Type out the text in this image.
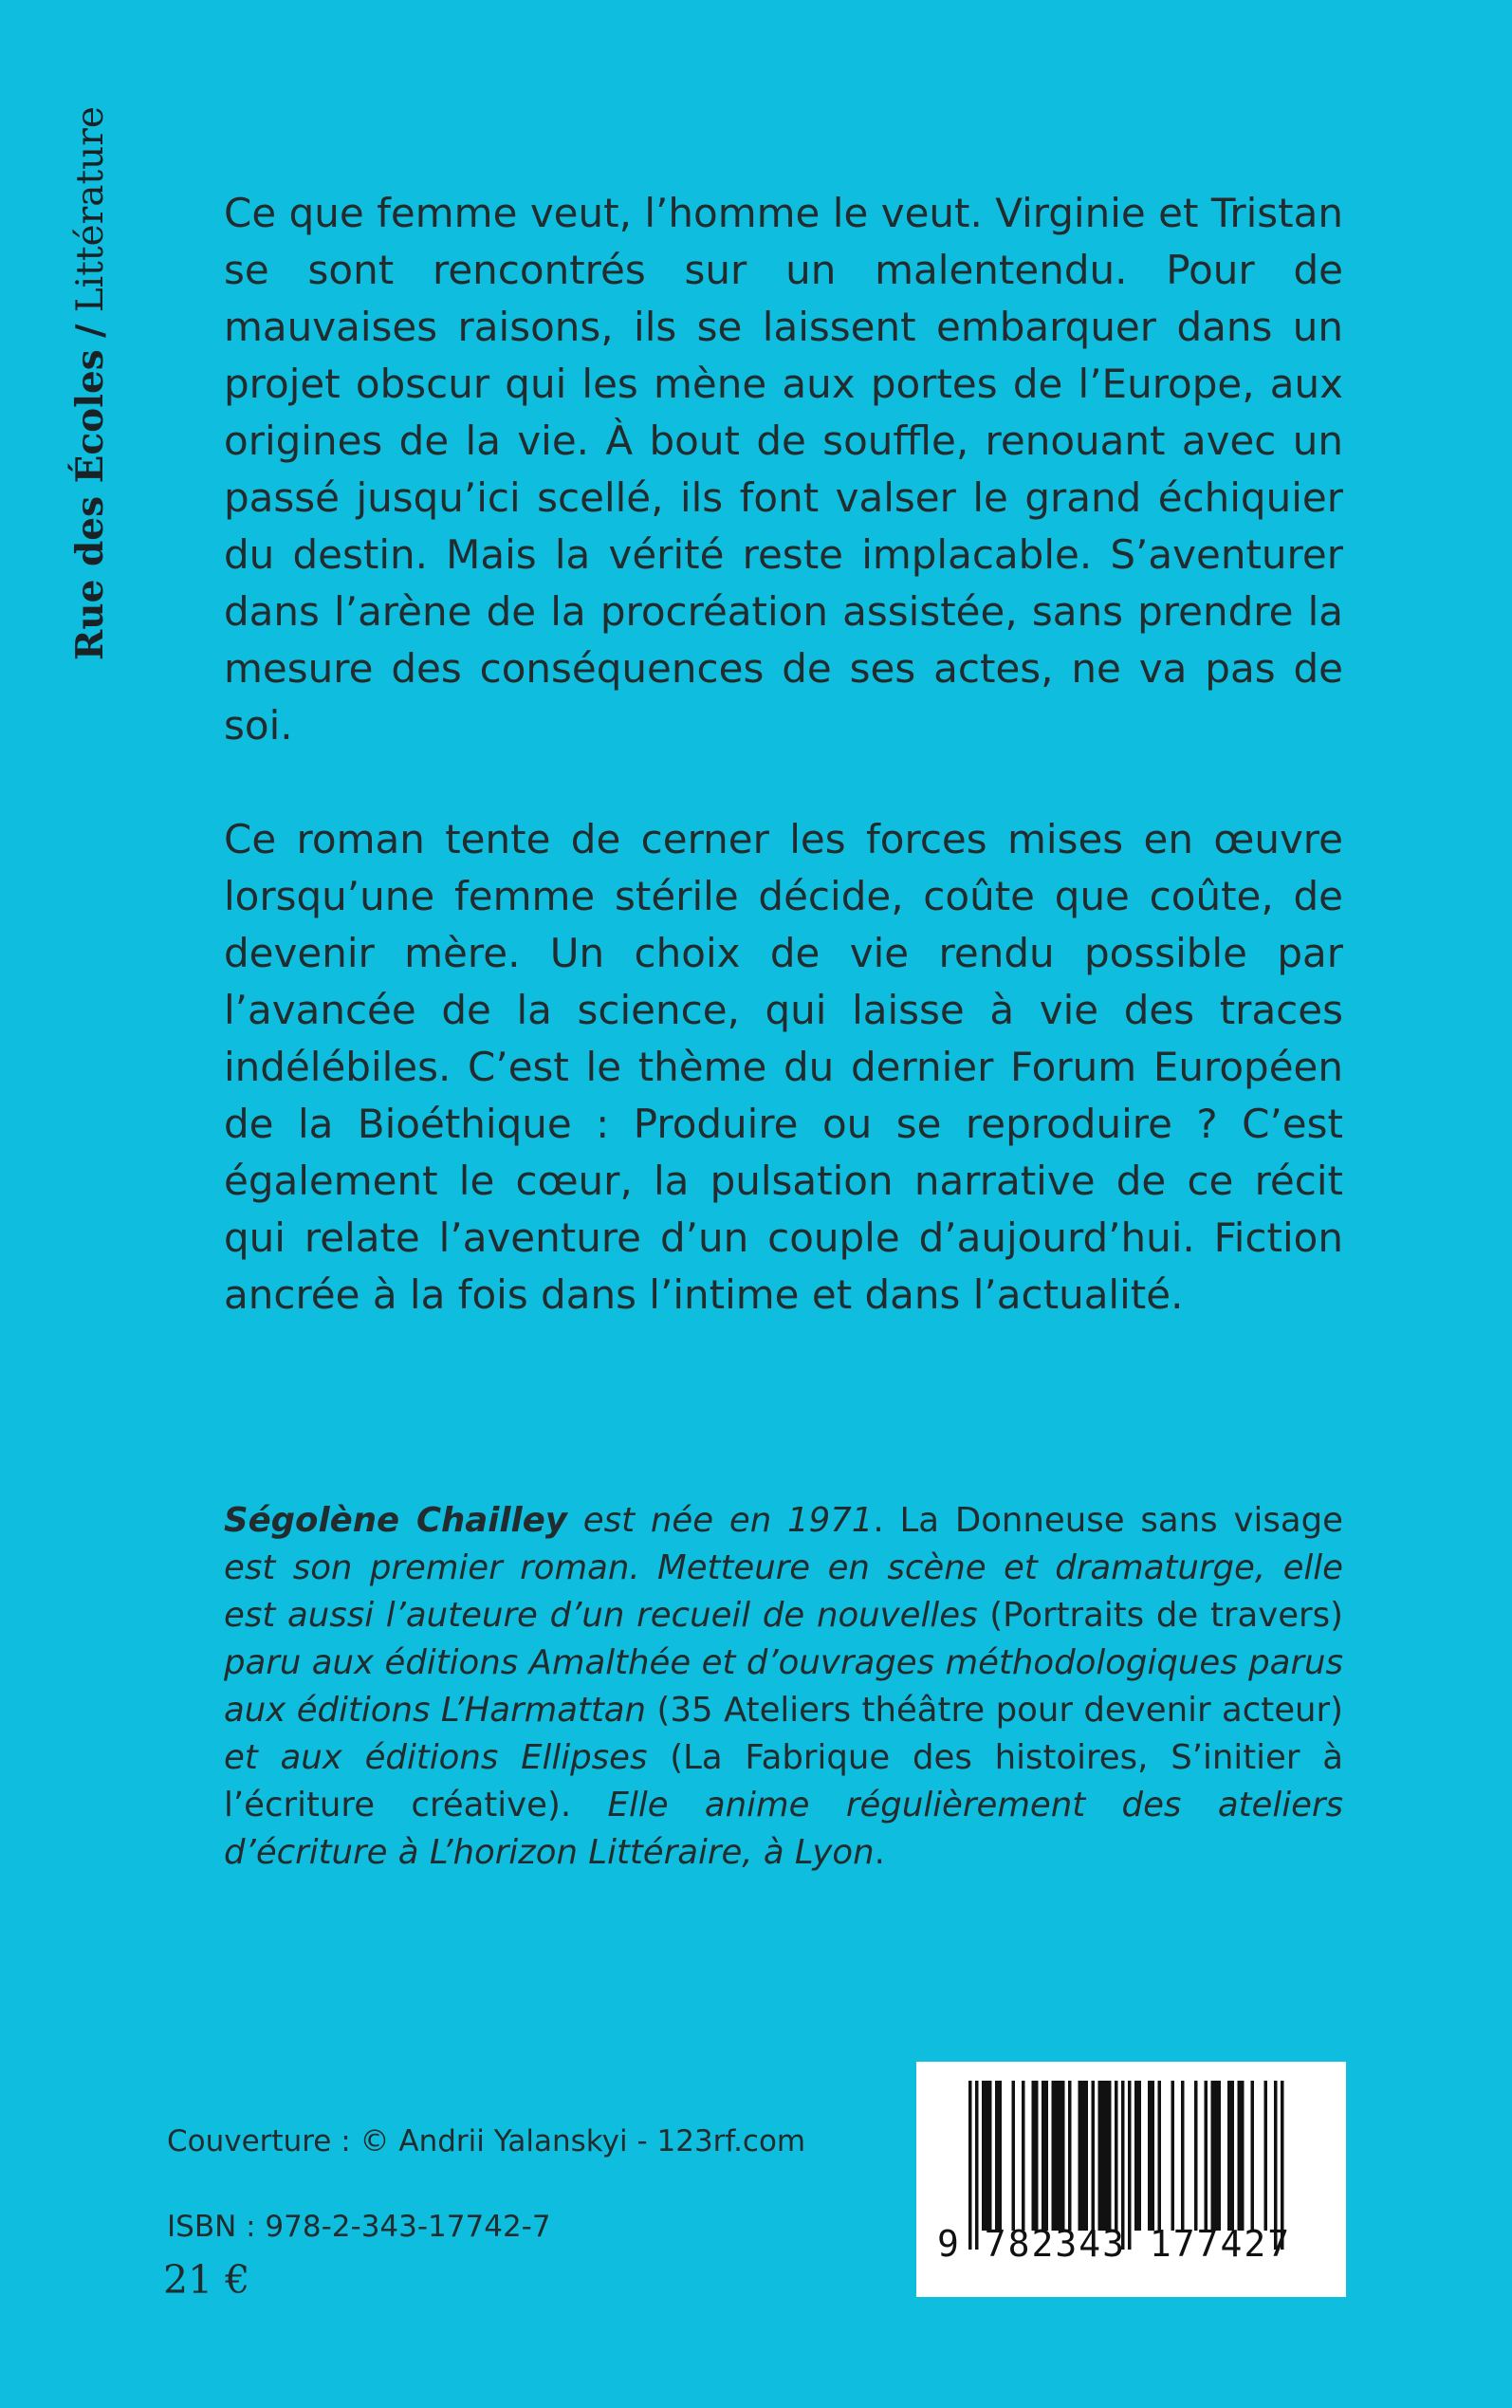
Rue des Écoles / Littérature	Ce que femme veut, l’homme le veut. Virginie et Tristan se sont rencontrés sur un malentendu. Pour de mauvaises raisons, ils se laissent embarquer dans un projet obscur qui les mène aux portes de l’Europe, aux origines de la vie. À bout de souffle, renouant avec un passé jusqu’ici scellé, ils font valser le grand échiquier du destin. Mais la vérité reste implacable. S’aventurer dans l’arène de la procréation assistée, sans prendre la mesure des conséquences de ses actes, ne va pas de soi.

Ce roman tente de cerner les forces mises en œuvre lorsqu’une femme stérile décide, coûte que coûte, de devenir mère. Un choix de vie rendu possible par l’avancée de la science, qui laisse à vie des traces indélébiles. C’est le thème du dernier Forum Européen de la Bioéthique : Produire ou se reproduire ? C’est également le cœur, la pulsation narrative de ce récit qui relate l’aventure d’un couple d’aujourd’hui. Fiction ancrée à la fois dans l’intime et dans l’actualité.

Ségolène Chailley est née en 1971. La Donneuse sans visage est son premier roman. Metteure en scène et dramaturge, elle est aussi l’auteure d’un recueil de nouvelles (Portraits de travers) paru aux éditions Amalthée et d’ouvrages méthodologiques parus aux éditions L’Harmattan (35 Ateliers théâtre pour devenir acteur) et aux éditions Ellipses (La Fabrique des histoires, S’initier à l’écriture créative). Elle anime régulièrement des ateliers d’écriture à L’horizon Littéraire, à Lyon.

Couverture : © Andrii Yalanskyi - 123rf.com
ISBN : 978-2-343-17742-7
21 €
9 782343 177427
